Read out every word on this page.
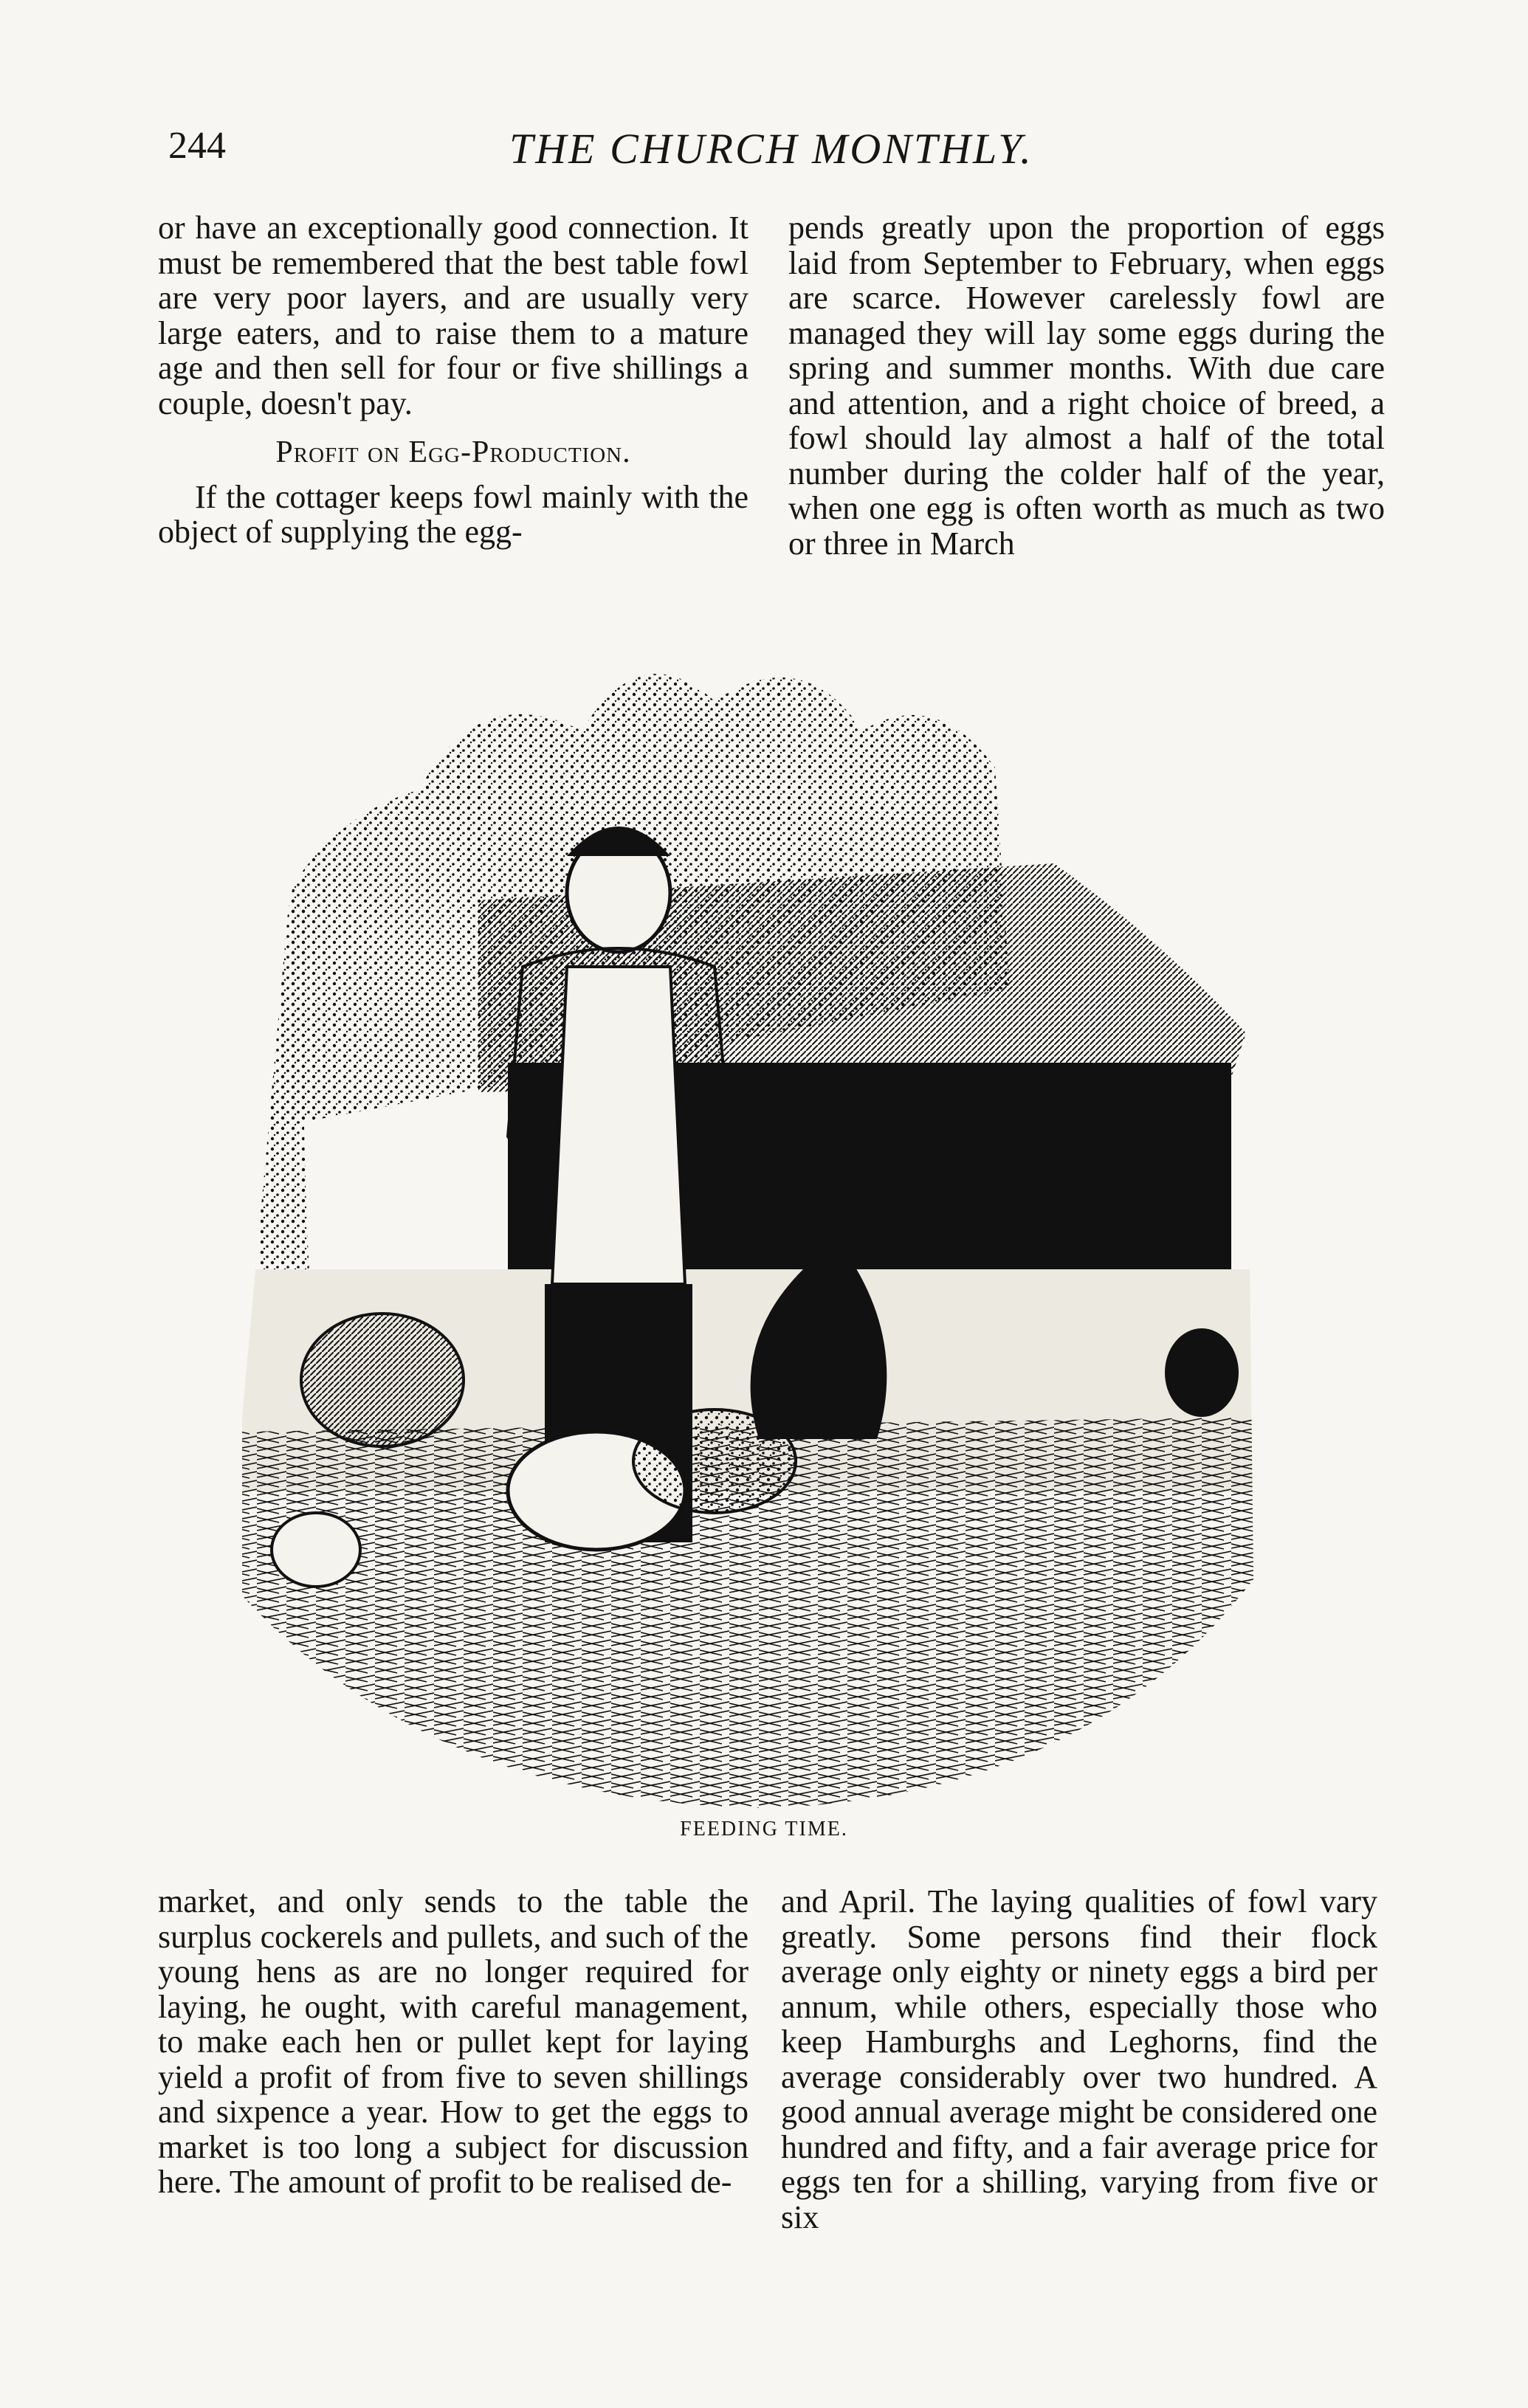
244	THE CHURCH MONTHLY.

or have an exceptionally good connection. It must be remembered that the best table fowl are very poor layers, and are usually very large eaters, and to raise them to a mature age and then sell for four or five shillings a couple, doesn't pay.

Profit on Egg-Production.

If the cottager keeps fowl mainly with the object of supplying the egg-

pends greatly upon the proportion of eggs laid from September to February, when eggs are scarce. However carelessly fowl are managed they will lay some eggs during the spring and summer months. With due care and attention, and a right choice of breed, a fowl should lay almost a half of the total number during the colder half of the year, when one egg is often worth as much as two or three in March

FEEDING TIME.

market, and only sends to the table the surplus cockerels and pullets, and such of the young hens as are no longer required for laying, he ought, with careful management, to make each hen or pullet kept for laying yield a profit of from five to seven shillings and sixpence a year. How to get the eggs to market is too long a subject for discussion here. The amount of profit to be realised de-

and April. The laying qualities of fowl vary greatly. Some persons find their flock average only eighty or ninety eggs a bird per annum, while others, especially those who keep Hamburghs and Leghorns, find the average considerably over two hundred. A good annual average might be considered one hundred and fifty, and a fair average price for eggs ten for a shilling, varying from five or six
